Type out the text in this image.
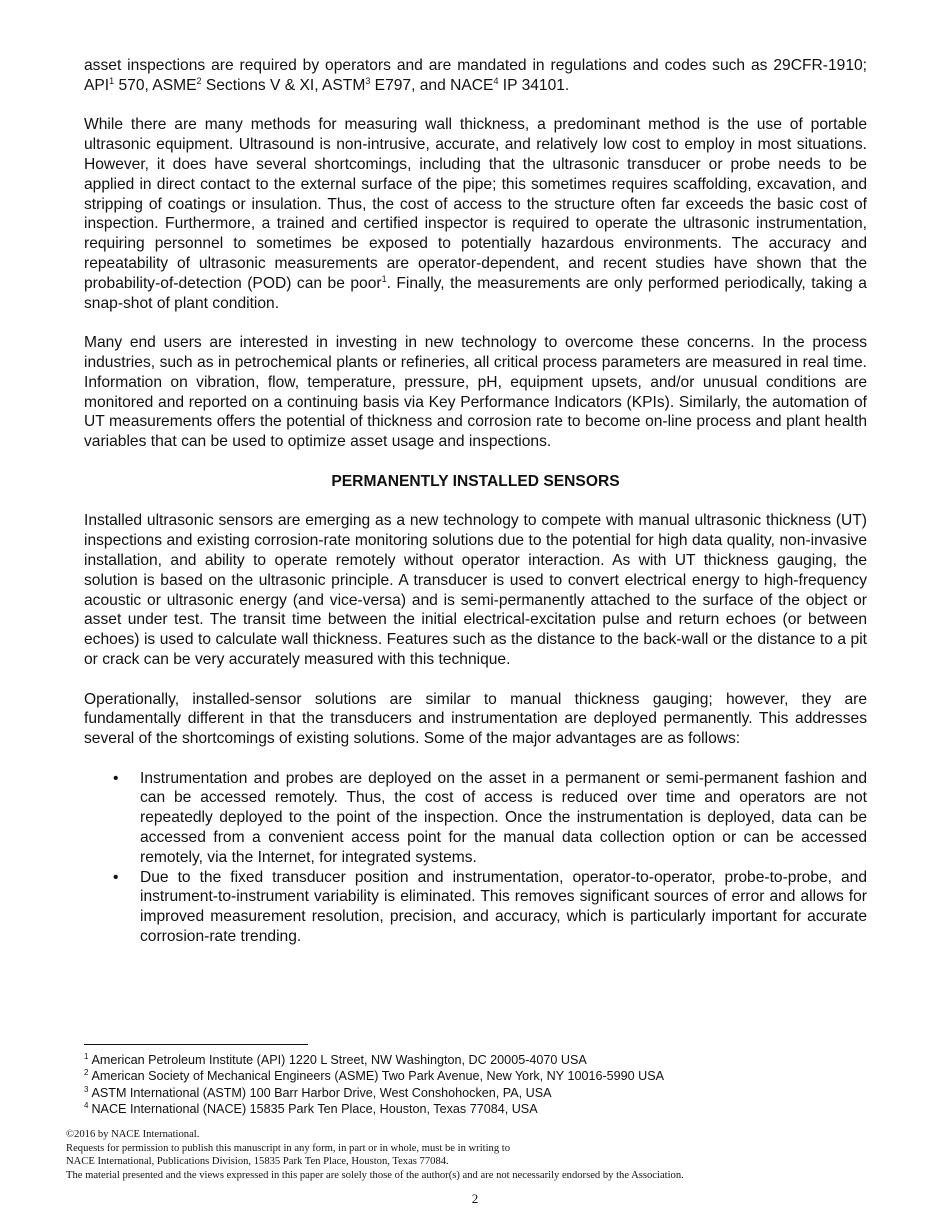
asset inspections are required by operators and are mandated in regulations and codes such as 29CFR-1910; API$^1$ 570, ASME$^2$ Sections V & XI, ASTM$^3$ E797, and NACE$^4$ IP 34101.

While there are many methods for measuring wall thickness, a predominant method is the use of portable ultrasonic equipment. Ultrasound is non-intrusive, accurate, and relatively low cost to employ in most situations. However, it does have several shortcomings, including that the ultrasonic transducer or probe needs to be applied in direct contact to the external surface of the pipe; this sometimes requires scaffolding, excavation, and stripping of coatings or insulation. Thus, the cost of access to the structure often far exceeds the basic cost of inspection. Furthermore, a trained and certified inspector is required to operate the ultrasonic instrumentation, requiring personnel to sometimes be exposed to potentially hazardous environments. The accuracy and repeatability of ultrasonic measurements are operator-dependent, and recent studies have shown that the probability-of-detection (POD) can be poor$^1$. Finally, the measurements are only performed periodically, taking a snap-shot of plant condition.

Many end users are interested in investing in new technology to overcome these concerns. In the process industries, such as in petrochemical plants or refineries, all critical process parameters are measured in real time. Information on vibration, flow, temperature, pressure, pH, equipment upsets, and/or unusual conditions are monitored and reported on a continuing basis via Key Performance Indicators (KPIs). Similarly, the automation of UT measurements offers the potential of thickness and corrosion rate to become on-line process and plant health variables that can be used to optimize asset usage and inspections.

PERMANENTLY INSTALLED SENSORS

Installed ultrasonic sensors are emerging as a new technology to compete with manual ultrasonic thickness (UT) inspections and existing corrosion-rate monitoring solutions due to the potential for high data quality, non-invasive installation, and ability to operate remotely without operator interaction. As with UT thickness gauging, the solution is based on the ultrasonic principle. A transducer is used to convert electrical energy to high-frequency acoustic or ultrasonic energy (and vice-versa) and is semi-permanently attached to the surface of the object or asset under test. The transit time between the initial electrical-excitation pulse and return echoes (or between echoes) is used to calculate wall thickness. Features such as the distance to the back-wall or the distance to a pit or crack can be very accurately measured with this technique.

Operationally, installed-sensor solutions are similar to manual thickness gauging; however, they are fundamentally different in that the transducers and instrumentation are deployed permanently. This addresses several of the shortcomings of existing solutions. Some of the major advantages are as follows:

• Instrumentation and probes are deployed on the asset in a permanent or semi-permanent fashion and can be accessed remotely. Thus, the cost of access is reduced over time and operators are not repeatedly deployed to the point of the inspection. Once the instrumentation is deployed, data can be accessed from a convenient access point for the manual data collection option or can be accessed remotely, via the Internet, for integrated systems.
• Due to the fixed transducer position and instrumentation, operator-to-operator, probe-to-probe, and instrument-to-instrument variability is eliminated. This removes significant sources of error and allows for improved measurement resolution, precision, and accuracy, which is particularly important for accurate corrosion-rate trending.
$^1$ American Petroleum Institute (API) 1220 L Street, NW Washington, DC 20005-4070 USA
$^2$ American Society of Mechanical Engineers (ASME) Two Park Avenue, New York, NY 10016-5990 USA
$^3$ ASTM International (ASTM) 100 Barr Harbor Drive, West Conshohocken, PA, USA
$^4$ NACE International (NACE) 15835 Park Ten Place, Houston, Texas 77084, USA
©2016 by NACE International.
Requests for permission to publish this manuscript in any form, in part or in whole, must be in writing to
NACE International, Publications Division, 15835 Park Ten Place, Houston, Texas 77084.
The material presented and the views expressed in this paper are solely those of the author(s) and are not necessarily endorsed by the Association.
2
